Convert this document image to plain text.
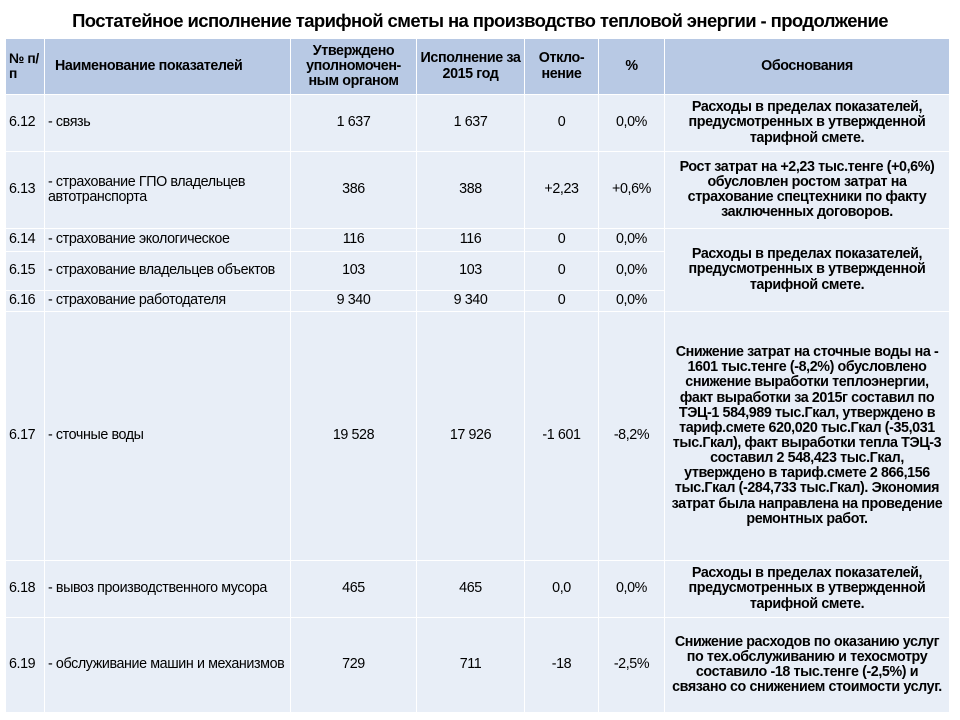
Постатейное исполнение тарифной сметы на производство тепловой энергии - продолжение
№ п/п	Наименование показателей	Утверждено уполномочен-ным органом	Исполнение за 2015 год	Откло-нение	%	Обоснования
6.12	- связь	1 637	1 637	0	0,0%	Расходы в пределах показателей, предусмотренных в утвержденной тарифной смете.
6.13	- страхование ГПО владельцев автотранспорта	386	388	+2,23	+0,6%	Рост затрат на +2,23 тыс.тенге (+0,6%) обусловлен ростом затрат на страхование спецтехники по факту заключенных договоров.
6.14	- страхование экологическое	116	116	0	0,0%	Расходы в пределах показателей, предусмотренных в утвержденной тарифной смете.
6.15	- страхование владельцев объектов	103	103	0	0,0%	
6.16	- страхование работодателя	9 340	9 340	0	0,0%	
6.17	- сточные воды	19 528	17 926	-1 601	-8,2%	Снижение затрат на сточные воды на - 1601 тыс.тенге (-8,2%) обусловлено снижение выработки теплоэнергии, факт выработки за 2015г составил по ТЭЦ-1 584,989 тыс.Гкал, утверждено в тариф.смете 620,020 тыс.Гкал (-35,031 тыс.Гкал), факт выработки тепла ТЭЦ-3 составил 2 548,423 тыс.Гкал, утверждено в тариф.смете 2 866,156 тыс.Гкал (-284,733 тыс.Гкал). Экономия затрат была направлена на проведение ремонтных работ.
6.18	- вывоз производственного мусора	465	465	0,0	0,0%	Расходы в пределах показателей, предусмотренных в утвержденной тарифной смете.
6.19	- обслуживание машин и механизмов	729	711	-18	-2,5%	Снижение расходов по оказанию услуг по тех.обслуживанию и техосмотру составило -18 тыс.тенге (-2,5%) и связано со снижением стоимости услуг.
